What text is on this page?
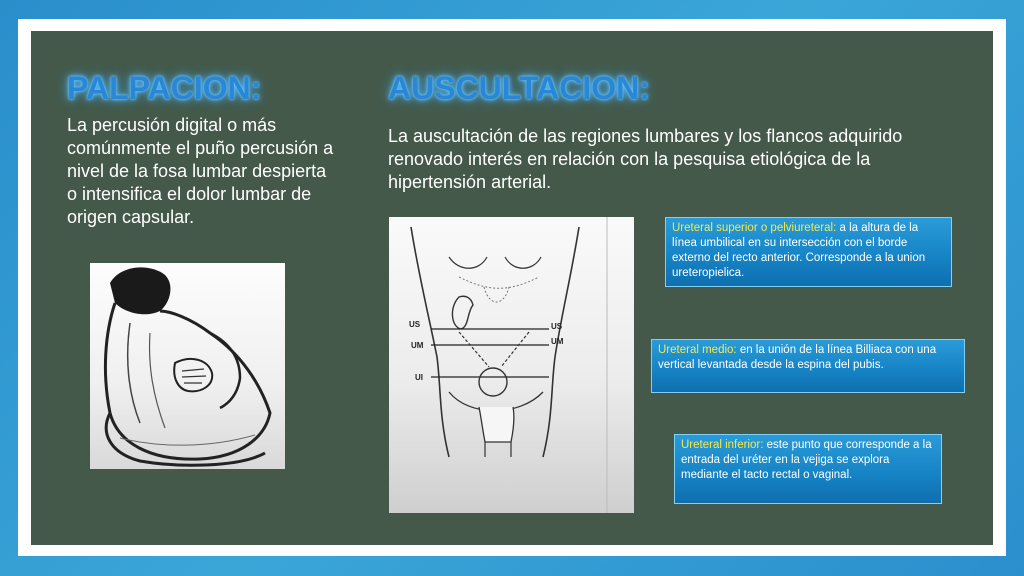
PALPACION:

La percusión digital o más comúnmente el puño percusión a nivel de la fosa lumbar despierta o intensifica el dolor lumbar de origen capsular.

AUSCULTACION:

La auscultación de las regiones lumbares y los flancos adquirido renovado interés en relación con la pesquisa etiológica de la hipertensión arterial.

US
UM
UI
US
UM
Ureteral superior o pelviureteral: a la altura de la línea umbilical en su intersección con el borde externo del recto anterior. Corresponde a la union ureteropielica.
Ureteral medio: en la unión de la línea Billiaca con una vertical levantada desde la espina del pubis.
Ureteral inferior: este punto que corresponde a la entrada del uréter en la vejiga se explora mediante el tacto rectal o vaginal.
